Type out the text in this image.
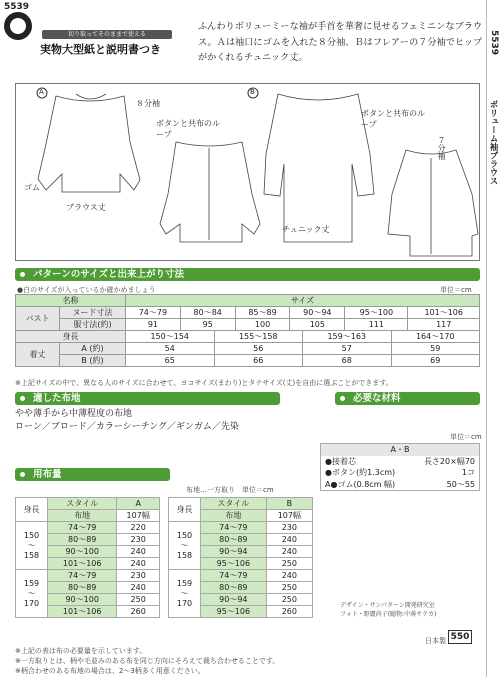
5539
切り取ってそのままで使える
実物大型紙と説明書つき
ふんわりボリューミーな袖が手首を華奢に見せるフェミニンなブラウス。Ａは袖口にゴムを入れた８分袖、Ｂはフレアーの７分袖でヒップがかくれるチュニック丈。
5539
ボリューム袖ブラウス
A	B
８分袖
ボタンと共布のループ
ゴム
ブラウス丈
ボタンと共布のループ
７分袖
チュニック丈
パターンのサイズと出来上がり寸法
●白のサイズが入っているか確かめましょう	単位＝cm
名称		サイズ					
バスト	ヌード寸法	74〜79	80〜84	85〜89	90〜94	95〜100	101〜106
	服寸法(約)	91	95	100	105	111	117
身長		150〜154	155〜158	159〜163	164〜170
着丈	A (約)	54	56	57	59
	B (約)	65	66	68	69
※上記サイズの中で、異なる人のサイズに合わせて、ヨコサイズ(まわり)とタテサイズ(丈)を自由に選ぶことができます。
適した布地
やや薄手から中薄程度の布地
ローン／ブロード／カラーシーチング／ギンガム／先染
必要な材料
単位＝cm
A・B
●接着芯	長さ20×幅70
●ボタン(約1.3cm)	1コ
A●ゴム(0.8cm 幅)	50〜55
用布量
布地…一方取り　単位＝cm
身長	スタイル	A
	布地	107幅
150
〜
158	74〜79	220
	80〜89	230
	90〜100	240
	101〜106	240
159
〜
170	74〜79	230
	80〜89	240
	90〜100	250
	101〜106	260
身長	スタイル	B
	布地	107幅
150
〜
158	74〜79	230
	80〜89	240
	90〜94	240
	95〜106	250
159
〜
170	74〜79	240
	80〜89	250
	90〜94	250
	95〜106	260
デザイン・サンパターン開発研究室
フォト・野麗尚子(聴物:中薄サテカ)
日本製 550
※上記の表は布の必要量を示しています。
※一方取りとは、柄や毛並みのある布を同じ方向にそろえて裁ち合わせることです。
※柄合わせのある布地の場合は、2〜3柄多く用意ください。
